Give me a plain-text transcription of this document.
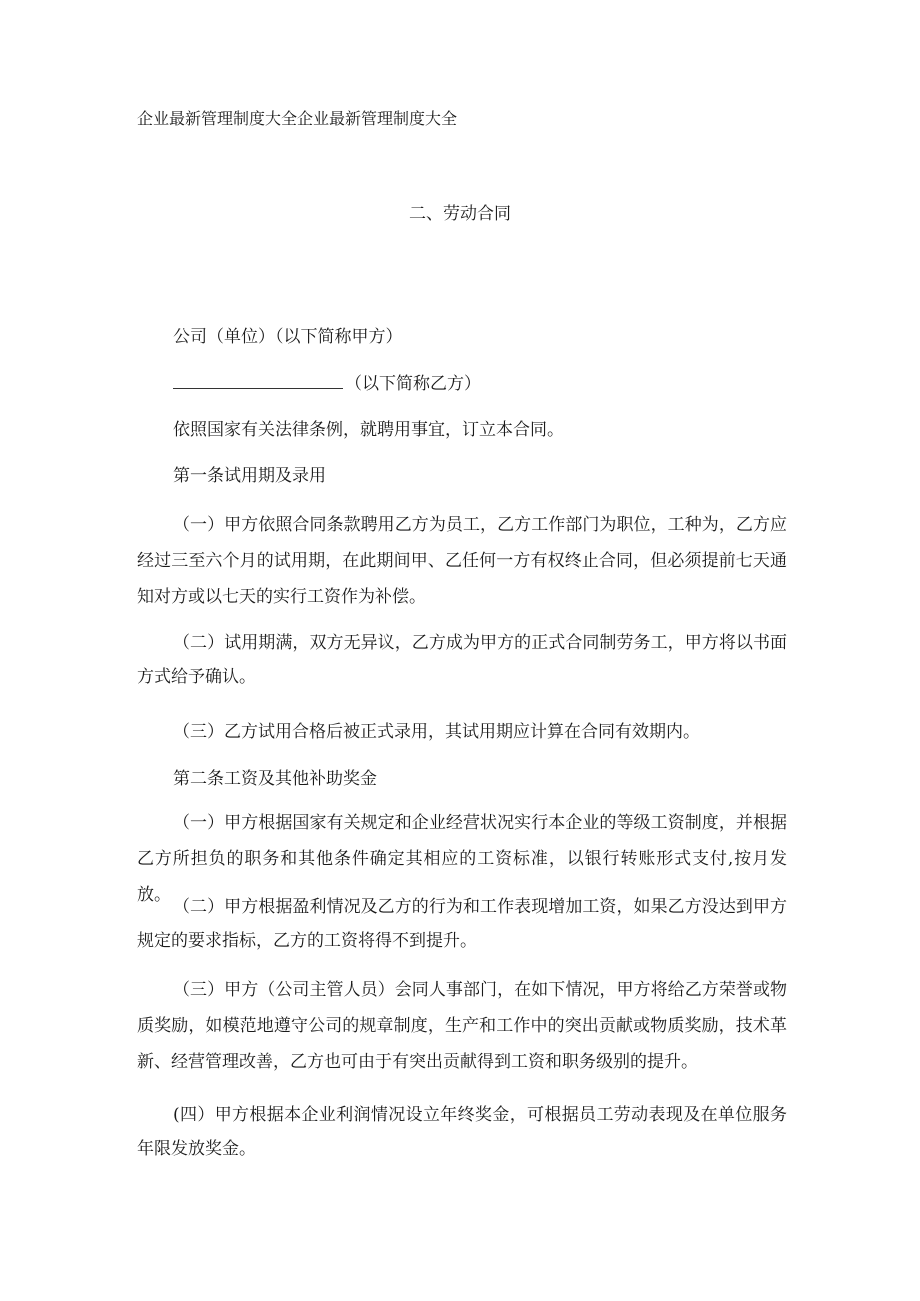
企业最新管理制度大全企业最新管理制度大全
二、劳动合同
公司（单位）（以下简称甲方）
（以下简称乙方）
依照国家有关法律条例，就聘用事宜，订立本合同。
第一条试用期及录用
（一）甲方依照合同条款聘用乙方为员工，乙方工作部门为职位，工种为，乙方应经过三至六个月的试用期，在此期间甲、乙任何一方有权终止合同，但必须提前七天通知对方或以七天的实行工资作为补偿。
（二）试用期满，双方无异议，乙方成为甲方的正式合同制劳务工，甲方将以书面方式给予确认。
（三）乙方试用合格后被正式录用，其试用期应计算在合同有效期内。
第二条工资及其他补助奖金
（一）甲方根据国家有关规定和企业经营状况实行本企业的等级工资制度，并根据乙方所担负的职务和其他条件确定其相应的工资标准，以银行转账形式支付,按月发放。
（二）甲方根据盈利情况及乙方的行为和工作表现增加工资，如果乙方没达到甲方规定的要求指标，乙方的工资将得不到提升。
（三）甲方（公司主管人员）会同人事部门，在如下情况，甲方将给乙方荣誉或物质奖励，如模范地遵守公司的规章制度，生产和工作中的突出贡献或物质奖励，技术革新、经营管理改善，乙方也可由于有突出贡献得到工资和职务级别的提升。
(四）甲方根据本企业利润情况设立年终奖金，可根据员工劳动表现及在单位服务年限发放奖金。
